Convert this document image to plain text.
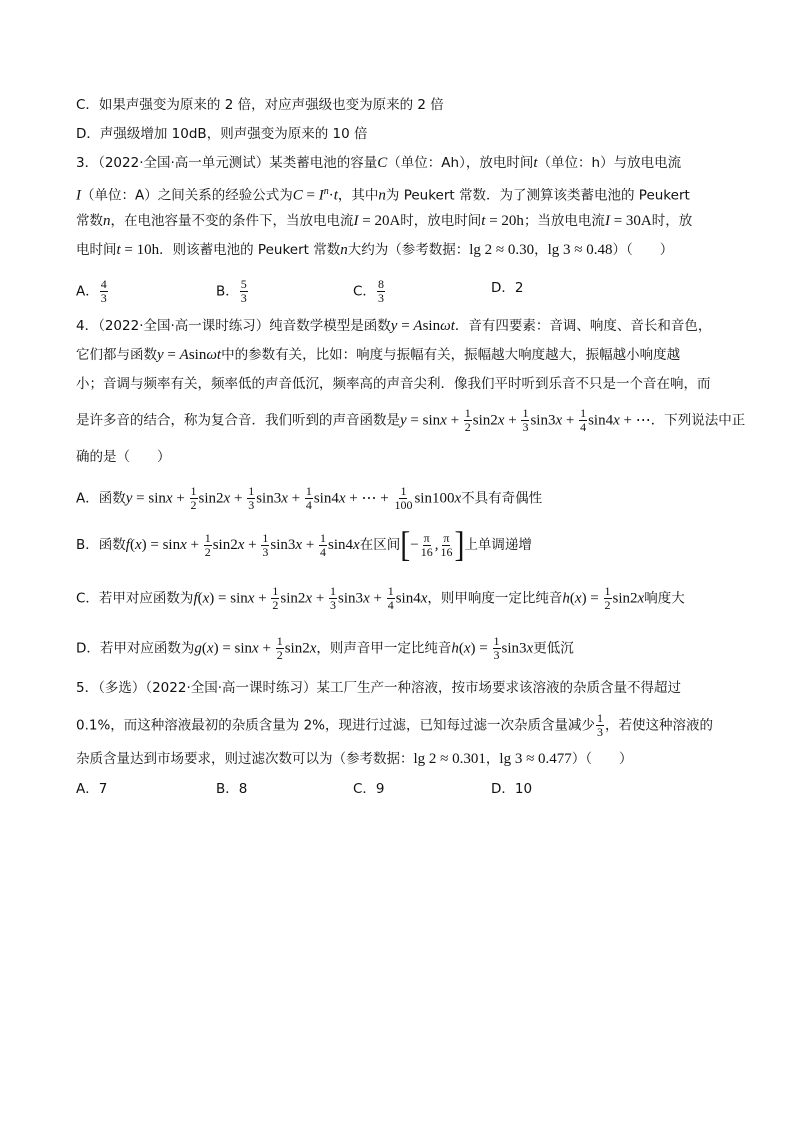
C．如果声强变为原来的 2 倍，对应声强级也变为原来的 2 倍
D．声强级增加 10dB，则声强变为原来的 10 倍
3．（2022·全国·高一单元测试）某类蓄电池的容量C（单位：Ah），放电时间t（单位：h）与放电电流
I（单位：A）之间关系的经验公式为$C = I^n\cdot t$，其中n为 Peukert 常数．为了测算该类蓄电池的 Peukert
常数n，在电池容量不变的条件下，当放电电流I = 20A时，放电时间t = 20h；当放电电流I = 30A时，放
电时间t = 10h．则该蓄电池的 Peukert 常数n大约为（参考数据：lg 2 ≈ 0.30，lg 3 ≈ 0.48）（　　）
A． $\frac{4}{3}$	B． $\frac{5}{3}$	C． $\frac{8}{3}$	D．2
4．（2022·全国·高一课时练习）纯音数学模型是函数y = Asinωt．音有四要素：音调、响度、音长和音色，
它们都与函数y = Asinωt中的参数有关，比如：响度与振幅有关，振幅越大响度越大，振幅越小响度越
小；音调与频率有关，频率低的声音低沉，频率高的声音尖利．像我们平时听到乐音不只是一个音在响，而
是许多音的结合，称为复合音．我们听到的声音函数是$y = \sin x + \frac{1}{2} \sin 2x + \frac{1}{3} \sin 3x + \frac{1}{4} \sin 4x$ + ⋯．下列说法中正
确的是（　　）
A．函数$y = \sin x + \frac{1}{2} \sin 2x + \frac{1}{3} \sin 3x + \frac{1}{4} \sin 4x$ + ⋯ + $\frac{1}{100} \sin 100x$不具有奇偶性
B．函数$f(x) = \sin x + \frac{1}{2} \sin 2x + \frac{1}{3} \sin 3x + \frac{1}{4} \sin 4x$在区间[− $\frac{\pi}{16}$ , $\frac{\pi}{16}$ ]上单调递增
C．若甲对应函数为$f(x) = \sin x + \frac{1}{2} \sin 2x + \frac{1}{3} \sin 3x + \frac{1}{4} \sin 4x$，则甲响度一定比纯音$h(x) = \frac{1}{2} \sin 2x$响度大
D．若甲对应函数为$g(x) = \sin x + \frac{1}{2} \sin 2x$，则声音甲一定比纯音$h(x) = \frac{1}{3} \sin 3x$更低沉
5．（多选）（2022·全国·高一课时练习）某工厂生产一种溶液，按市场要求该溶液的杂质含量不得超过
0.1%，而这种溶液最初的杂质含量为 2%，现进行过滤，已知每过滤一次杂质含量减少 $\frac{1}{3}$ ，若使这种溶液的
杂质含量达到市场要求，则过滤次数可以为（参考数据：lg 2 ≈ 0.301，lg 3 ≈ 0.477）（　　）
A．7	B．8	C．9	D．10
